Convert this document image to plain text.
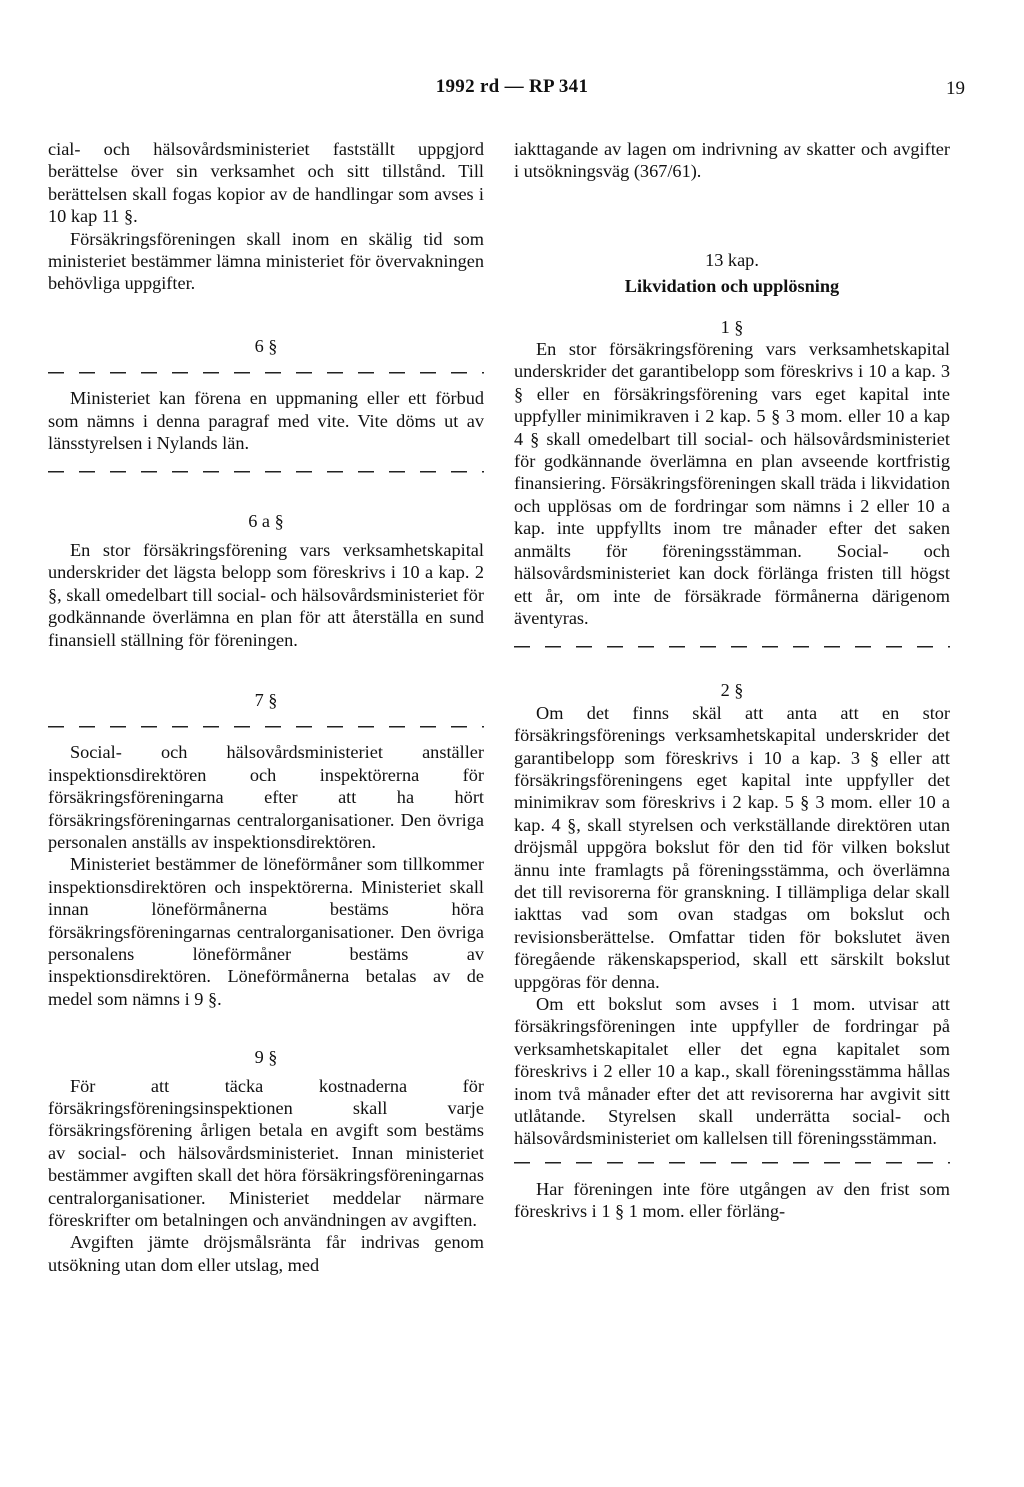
1992 rd — RP 341	19

cial- och hälsovårdsministeriet fastställt uppgjord berättelse över sin verksamhet och sitt tillstånd. Till berättelsen skall fogas kopior av de handlingar som avses i 10 kap 11 §.

Försäkringsföreningen skall inom en skälig tid som ministeriet bestämmer lämna ministeriet för övervakningen behövliga uppgifter.

6 §

Ministeriet kan förena en uppmaning eller ett förbud som nämns i denna paragraf med vite. Vite döms ut av länsstyrelsen i Nylands län.

6 a §

En stor försäkringsförening vars verksamhetskapital underskrider det lägsta belopp som föreskrivs i 10 a kap. 2 §, skall omedelbart till social- och hälsovårdsministeriet för godkännande överlämna en plan för att återställa en sund finansiell ställning för föreningen.

7 §

Social- och hälsovårdsministeriet anställer inspektionsdirektören och inspektörerna för försäkringsföreningarna efter att ha hört försäkringsföreningarnas centralorganisationer. Den övriga personalen anställs av inspektionsdirektören.

Ministeriet bestämmer de löneförmåner som tillkommer inspektionsdirektören och inspektörerna. Ministeriet skall innan löneförmånerna bestäms höra försäkringsföreningarnas centralorganisationer. Den övriga personalens löneförmåner bestäms av inspektionsdirektören. Löneförmånerna betalas av de medel som nämns i 9 §.

9 §

För att täcka kostnaderna för försäkringsföreningsinspektionen skall varje försäkringsförening årligen betala en avgift som bestäms av social- och hälsovårdsministeriet. Innan ministeriet bestämmer avgiften skall det höra försäkringsföreningarnas centralorganisationer. Ministeriet meddelar närmare föreskrifter om betalningen och användningen av avgiften.

Avgiften jämte dröjsmålsränta får indrivas genom utsökning utan dom eller utslag, med

iakttagande av lagen om indrivning av skatter och avgifter i utsökningsväg (367/61).

13 kap.
Likvidation och upplösning
1 §

En stor försäkringsförening vars verksamhetskapital underskrider det garantibelopp som föreskrivs i 10 a kap. 3 § eller en försäkringsförening vars eget kapital inte uppfyller minimikraven i 2 kap. 5 § 3 mom. eller 10 a kap 4 § skall omedelbart till social- och hälsovårdsministeriet för godkännande överlämna en plan avseende kortfristig finansiering. Försäkringsföreningen skall träda i likvidation och upplösas om de fordringar som nämns i 2 eller 10 a kap. inte uppfyllts inom tre månader efter det saken anmälts för föreningsstämman. Social- och hälsovårdsministeriet kan dock förlänga fristen till högst ett år, om inte de försäkrade förmånerna därigenom äventyras.

2 §

Om det finns skäl att anta att en stor försäkringsförenings verksamhetskapital underskrider det garantibelopp som föreskrivs i 10 a kap. 3 § eller att försäkringsföreningens eget kapital inte uppfyller det minimikrav som föreskrivs i 2 kap. 5 § 3 mom. eller 10 a kap. 4 §, skall styrelsen och verkställande direktören utan dröjsmål uppgöra bokslut för den tid för vilken bokslut ännu inte framlagts på föreningsstämma, och överlämna det till revisorerna för granskning. I tillämpliga delar skall iakttas vad som ovan stadgas om bokslut och revisionsberättelse. Omfattar tiden för bokslutet även föregående räkenskapsperiod, skall ett särskilt bokslut uppgöras för denna.

Om ett bokslut som avses i 1 mom. utvisar att försäkringsföreningen inte uppfyller de fordringar på verksamhetskapitalet eller det egna kapitalet som föreskrivs i 2 eller 10 a kap., skall föreningsstämma hållas inom två månader efter det att revisorerna har avgivit sitt utlåtande. Styrelsen skall underrätta social- och hälsovårdsministeriet om kallelsen till föreningsstämman.

Har föreningen inte före utgången av den frist som föreskrivs i 1 § 1 mom. eller förläng-
